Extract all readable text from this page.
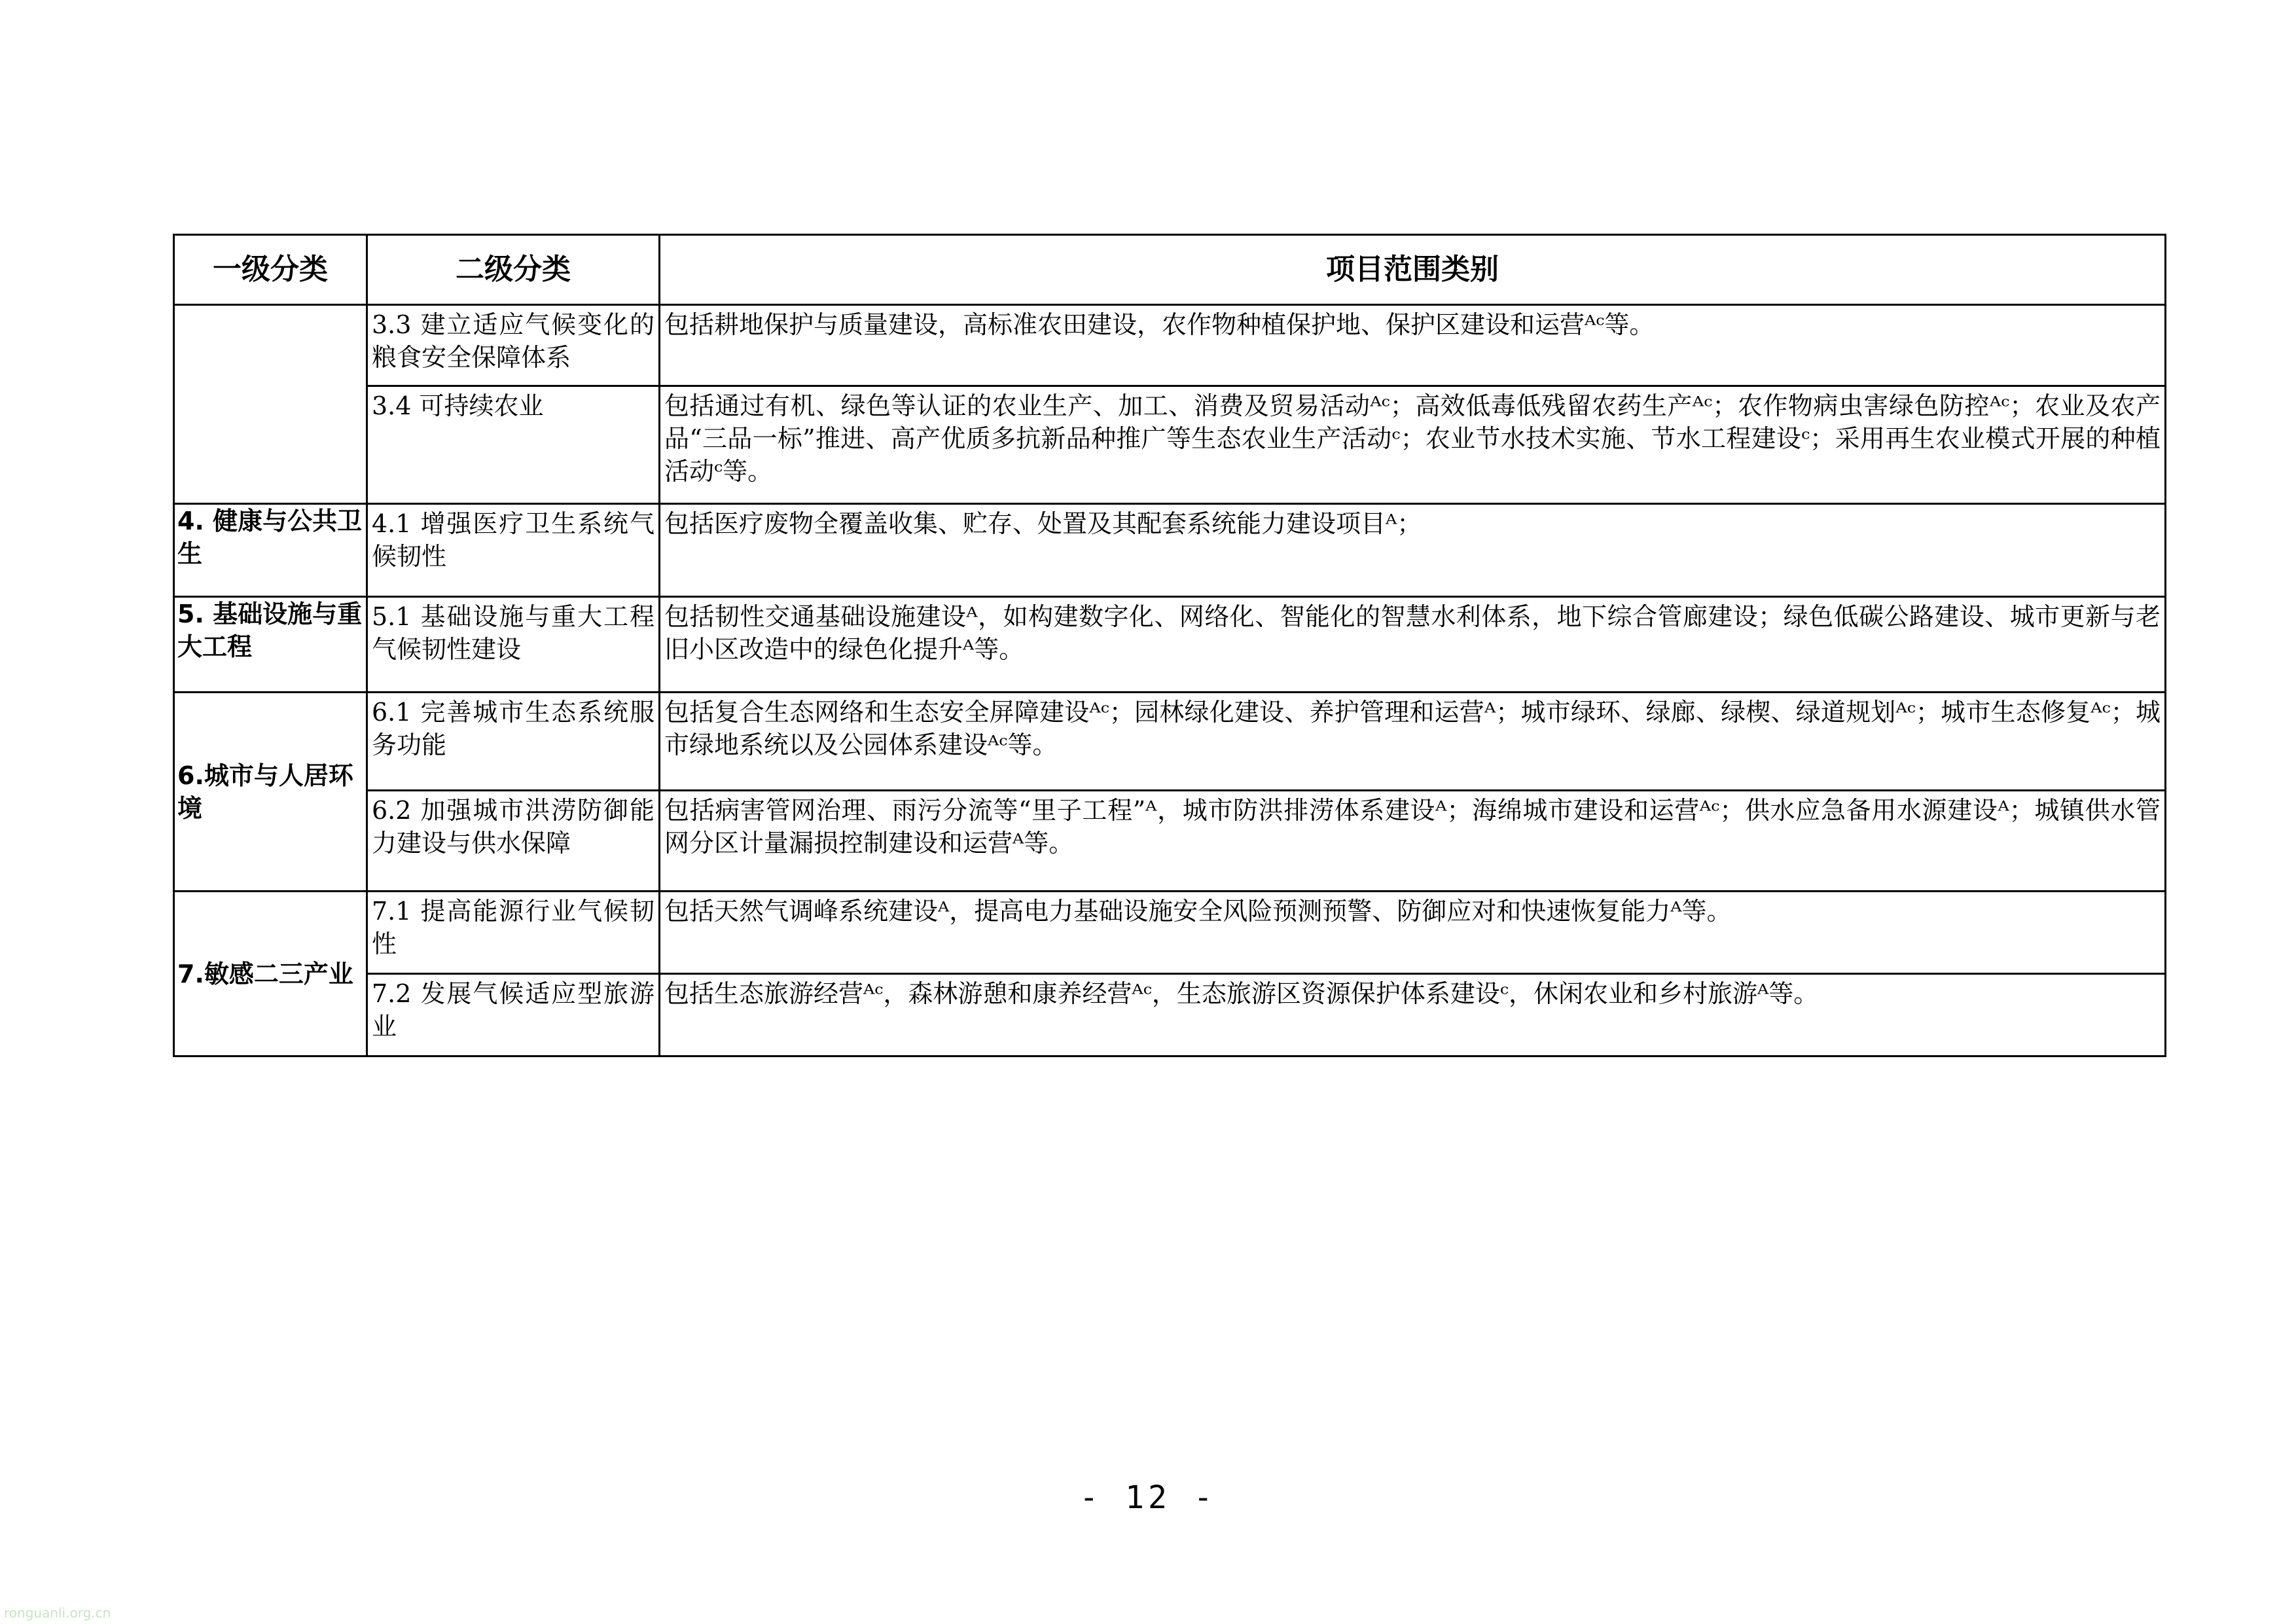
一级分类	二级分类	项目范围类别
	3.3 建立适应气候变化的粮食安全保障体系	包括耕地保护与质量建设，高标准农田建设，农作物种植保护地、保护区建设和运营ᴬᶜ等。
	3.4 可持续农业	包括通过有机、绿色等认证的农业生产、加工、消费及贸易活动ᴬᶜ；高效低毒低残留农药生产ᴬᶜ；农作物病虫害绿色防控ᴬᶜ；农业及农产品“三品一标”推进、高产优质多抗新品种推广等生态农业生产活动ᶜ；农业节水技术实施、节水工程建设ᶜ；采用再生农业模式开展的种植活动ᶜ等。
4. 健康与公共卫生	4.1 增强医疗卫生系统气候韧性	包括医疗废物全覆盖收集、贮存、处置及其配套系统能力建设项目ᴬ；
5. 基础设施与重大工程	5.1 基础设施与重大工程气候韧性建设	包括韧性交通基础设施建设ᴬ，如构建数字化、网络化、智能化的智慧水利体系，地下综合管廊建设；绿色低碳公路建设、城市更新与老旧小区改造中的绿色化提升ᴬ等。
6.城市与人居环境	6.1 完善城市生态系统服务功能	包括复合生态网络和生态安全屏障建设ᴬᶜ；园林绿化建设、养护管理和运营ᴬ；城市绿环、绿廊、绿楔、绿道规划ᴬᶜ；城市生态修复ᴬᶜ；城市绿地系统以及公园体系建设ᴬᶜ等。
	6.2 加强城市洪涝防御能力建设与供水保障	包括病害管网治理、雨污分流等“里子工程”ᴬ，城市防洪排涝体系建设ᴬ；海绵城市建设和运营ᴬᶜ；供水应急备用水源建设ᴬ；城镇供水管网分区计量漏损控制建设和运营ᴬ等。
7.敏感二三产业	7.1 提高能源行业气候韧性	包括天然气调峰系统建设ᴬ，提高电力基础设施安全风险预测预警、防御应对和快速恢复能力ᴬ等。
	7.2 发展气候适应型旅游业	包括生态旅游经营ᴬᶜ，森林游憩和康养经营ᴬᶜ，生态旅游区资源保护体系建设ᶜ，休闲农业和乡村旅游ᴬ等。
- 12 -
ronguanli.org.cn
